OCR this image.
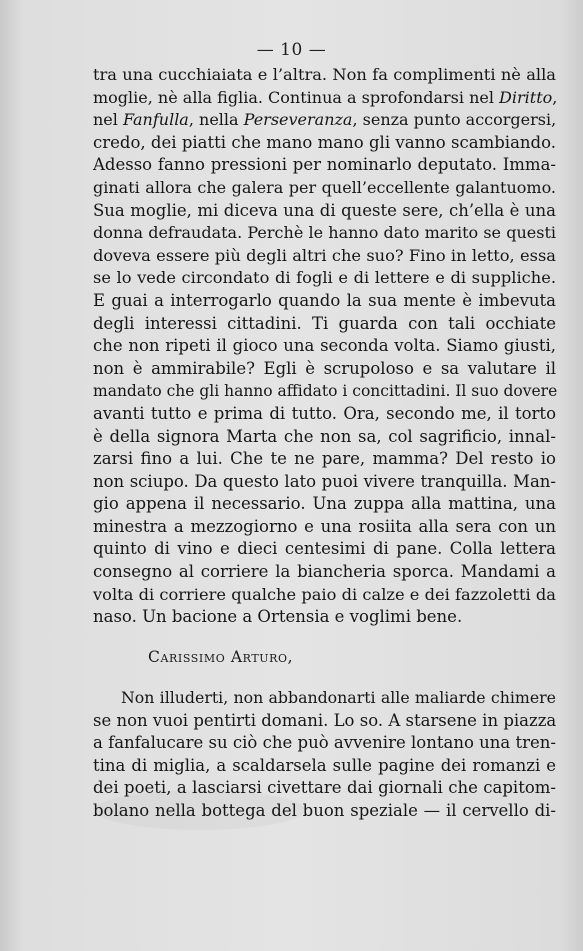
— 10 —
tra una cucchiaiata e l’altra. Non fa complimenti nè alla
moglie, nè alla figlia. Continua a sprofondarsi nel Diritto,
nel Fanfulla, nella Perseveranza, senza punto accorgersi,
credo, dei piatti che mano mano gli vanno scambiando.
Adesso fanno pressioni per nominarlo deputato. Imma-
ginati allora che galera per quell’eccellente galantuomo.
Sua moglie, mi diceva una di queste sere, ch’ella è una
donna defraudata. Perchè le hanno dato marito se questi
doveva essere più degli altri che suo? Fino in letto, essa
se lo vede circondato di fogli e di lettere e di suppliche.
E guai a interrogarlo quando la sua mente è imbevuta
degli interessi cittadini. Ti guarda con tali occhiate
che non ripeti il gioco una seconda volta. Siamo giusti,
non è ammirabile? Egli è scrupoloso e sa valutare il
mandato che gli hanno affidato i concittadini. Il suo dovere
avanti tutto e prima di tutto. Ora, secondo me, il torto
è della signora Marta che non sa, col sagrificio, innal-
zarsi fino a lui. Che te ne pare, mamma? Del resto io
non sciupo. Da questo lato puoi vivere tranquilla. Man-
gio appena il necessario. Una zuppa alla mattina, una
minestra a mezzogiorno e una rosiita alla sera con un
quinto di vino e dieci centesimi di pane. Colla lettera
consegno al corriere la biancheria sporca. Mandami a
volta di corriere qualche paio di calze e dei fazzoletti da
naso. Un bacione a Ortensia e voglimi bene.
Carissimo Arturo,
Non illuderti, non abbandonarti alle maliarde chimere
se non vuoi pentirti domani. Lo so. A starsene in piazza
a fanfalucare su ciò che può avvenire lontano una tren-
tina di miglia, a scaldarsela sulle pagine dei romanzi e
dei poeti, a lasciarsi civettare dai giornali che capitom-
bolano nella bottega del buon speziale — il cervello di-
